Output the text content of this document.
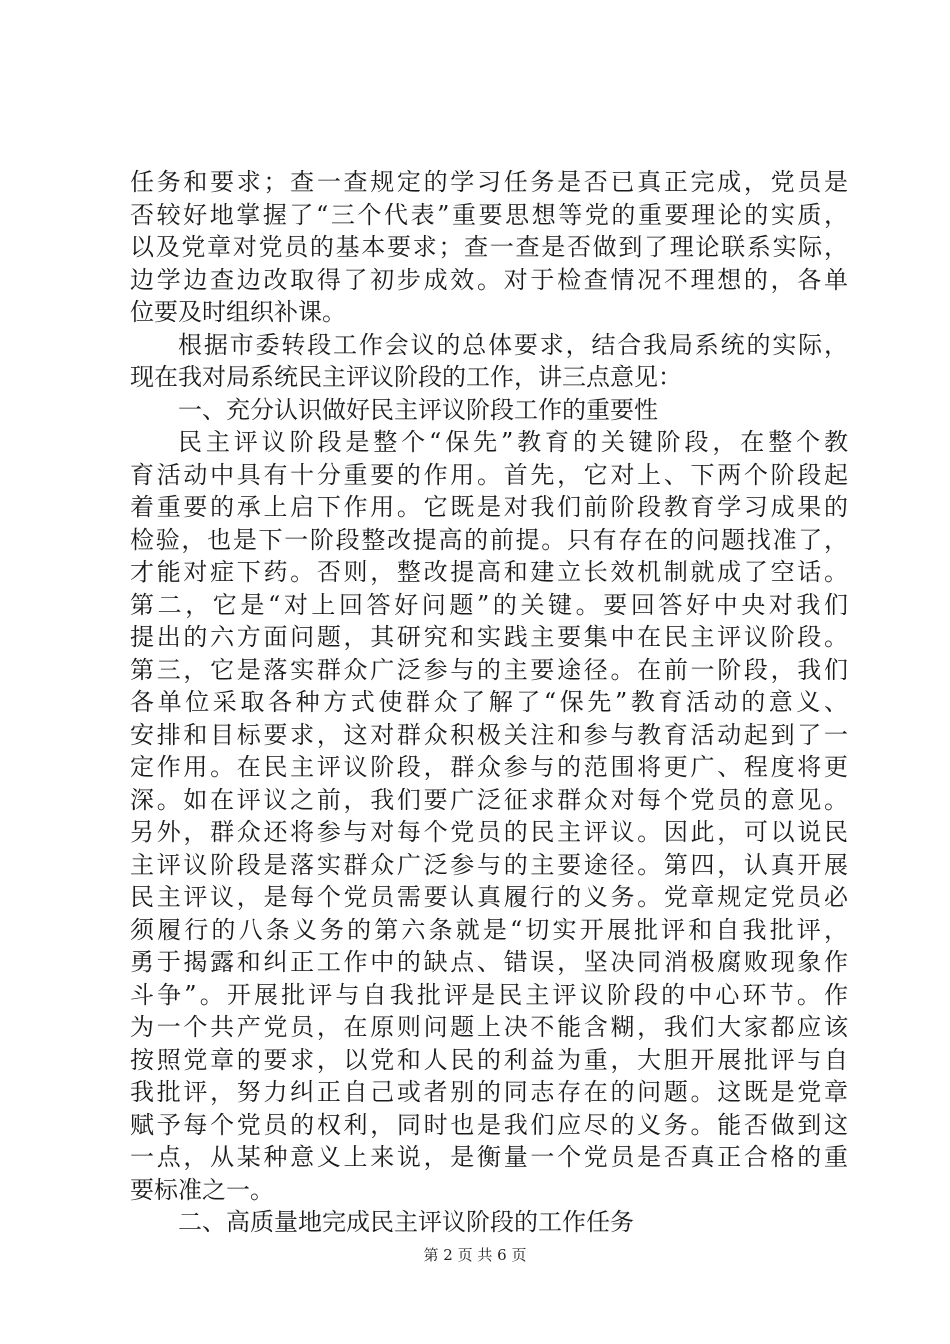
任务和要求；查一查规定的学习任务是否已真正完成，党员是
否较好地掌握了“三个代表”重要思想等党的重要理论的实质，
以及党章对党员的基本要求；查一查是否做到了理论联系实际，
边学边查边改取得了初步成效。对于检查情况不理想的，各单
位要及时组织补课。
根据市委转段工作会议的总体要求，结合我局系统的实际，
现在我对局系统民主评议阶段的工作，讲三点意见：
一、充分认识做好民主评议阶段工作的重要性
民主评议阶段是整个“保先”教育的关键阶段，在整个教
育活动中具有十分重要的作用。首先，它对上、下两个阶段起
着重要的承上启下作用。它既是对我们前阶段教育学习成果的
检验，也是下一阶段整改提高的前提。只有存在的问题找准了，
才能对症下药。否则，整改提高和建立长效机制就成了空话。
第二，它是“对上回答好问题”的关键。要回答好中央对我们
提出的六方面问题，其研究和实践主要集中在民主评议阶段。
第三，它是落实群众广泛参与的主要途径。在前一阶段，我们
各单位采取各种方式使群众了解了“保先”教育活动的意义、
安排和目标要求，这对群众积极关注和参与教育活动起到了一
定作用。在民主评议阶段，群众参与的范围将更广、程度将更
深。如在评议之前，我们要广泛征求群众对每个党员的意见。
另外，群众还将参与对每个党员的民主评议。因此，可以说民
主评议阶段是落实群众广泛参与的主要途径。第四，认真开展
民主评议，是每个党员需要认真履行的义务。党章规定党员必
须履行的八条义务的第六条就是“切实开展批评和自我批评，
勇于揭露和纠正工作中的缺点、错误，坚决同消极腐败现象作
斗争”。开展批评与自我批评是民主评议阶段的中心环节。作
为一个共产党员，在原则问题上决不能含糊，我们大家都应该
按照党章的要求，以党和人民的利益为重，大胆开展批评与自
我批评，努力纠正自己或者别的同志存在的问题。这既是党章
赋予每个党员的权利，同时也是我们应尽的义务。能否做到这
一点，从某种意义上来说，是衡量一个党员是否真正合格的重
要标准之一。
二、高质量地完成民主评议阶段的工作任务
第 2 页 共 6 页
